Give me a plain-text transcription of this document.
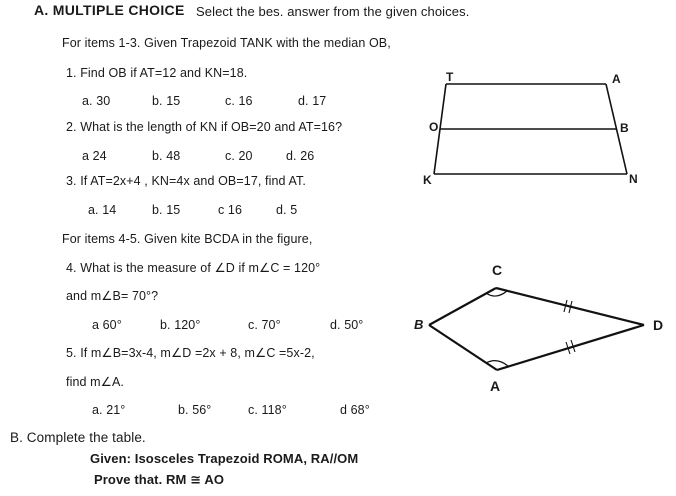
A. MULTIPLE CHOICE Select the bes. answer from the given choices.
For items 1-3. Given Trapezoid TANK with the median OB,
1. Find OB if AT=12 and KN=18.
a. 30	b. 15	c. 16	d. 17
2. What is the length of KN if OB=20 and AT=16?
a 24	b. 48	c. 20	d. 26
3. If AT=2x+4 , KN=4x and OB=17, find AT.
a. 14	b. 15	c 16	d. 5
For items 4-5. Given kite BCDA in the figure,
4. What is the measure of ∠D if m∠C = 120°
and m∠B= 70°?
a 60°	b. 120°	c. 70°	d. 50°
5. If m∠B=3x-4, m∠D =2x + 8, m∠C =5x-2,
find m∠A.
a. 21°	b. 56°	c. 118°	d 68°
B. Complete the table.
Given: Isosceles Trapezoid ROMA, RA//OM
Prove that. RM ≅ AO
T	A
O	B
K	N
C
B	D
A
